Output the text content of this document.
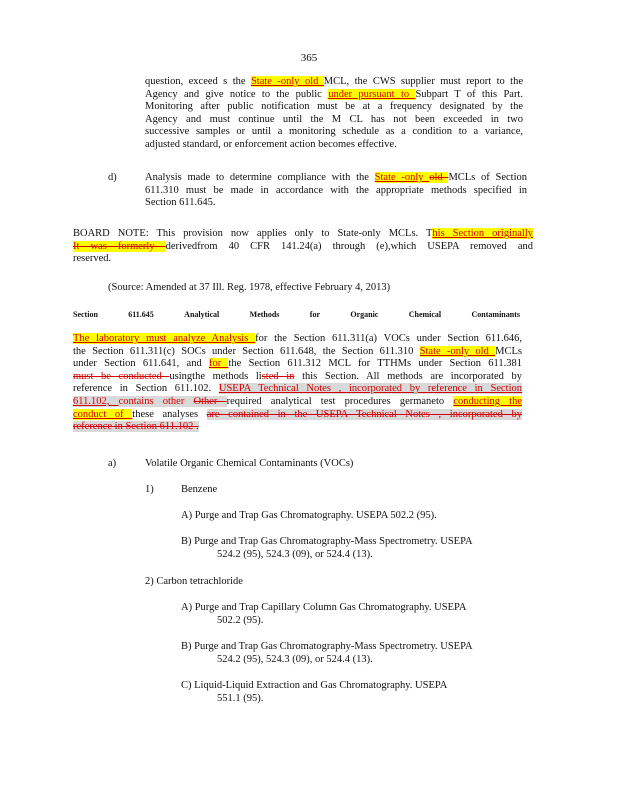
365
question, exceed s the State -only old MCL, the CWS supplier must report to the
Agency and give notice to the public under pursuant to Subpart T of this Part.
Monitoring after public notification must be at a frequency designated by the
Agency and must continue until the M CL has not been exceeded in two
successive samples or until a monitoring schedule as a condition to a variance,
adjusted standard, or enforcement action becomes effective.
d)	Analysis made to determine compliance with the State -only old MCLs of Section
611.310 must be made in accordance with the appropriate methods specified in
Section 611.645.
BOARD NOTE: This provision now applies only to State-only MCLs. This Section originally
It was formerly derivedfrom 40 CFR 141.24(a) through (e),which USEPA removed and
reserved.
(Source: Amended at 37 Ill. Reg. 1978, effective February 4, 2013)
Section	611.645	Analytical	Methods	for	Organic	Chemical	Contaminants
The laboratory must analyze Analysis for the Section 611.311(a) VOCs under Section 611.646,
the Section 611.311(c) SOCs under Section 611.648, the Section 611.310 State -only old MCLs
under Section 611.641, and for the Section 611.312 MCL for TTHMs under Section 611.381
must be conducted usingthe methods listed in this Section. All methods are incorporated by
reference in Section 611.102. USEPA Technical Notes , incorporated by reference in Section
611.102, contains other Other required analytical test procedures germaneto conducting the
conduct of these analyses are contained in the USEPA Technical Notes , incorporated by
reference in Section 611.102 .
a)	Volatile Organic Chemical Contaminants (VOCs)
1)	Benzene
A) Purge and Trap Gas Chromatography. USEPA 502.2 (95).
B) Purge and Trap Gas Chromatography-Mass Spectrometry. USEPA
524.2 (95), 524.3 (09), or 524.4 (13).
2) Carbon tetrachloride
A) Purge and Trap Capillary Column Gas Chromatography. USEPA
502.2 (95).
B) Purge and Trap Gas Chromatography-Mass Spectrometry. USEPA
524.2 (95), 524.3 (09), or 524.4 (13).
C) Liquid-Liquid Extraction and Gas Chromatography. USEPA
551.1 (95).
